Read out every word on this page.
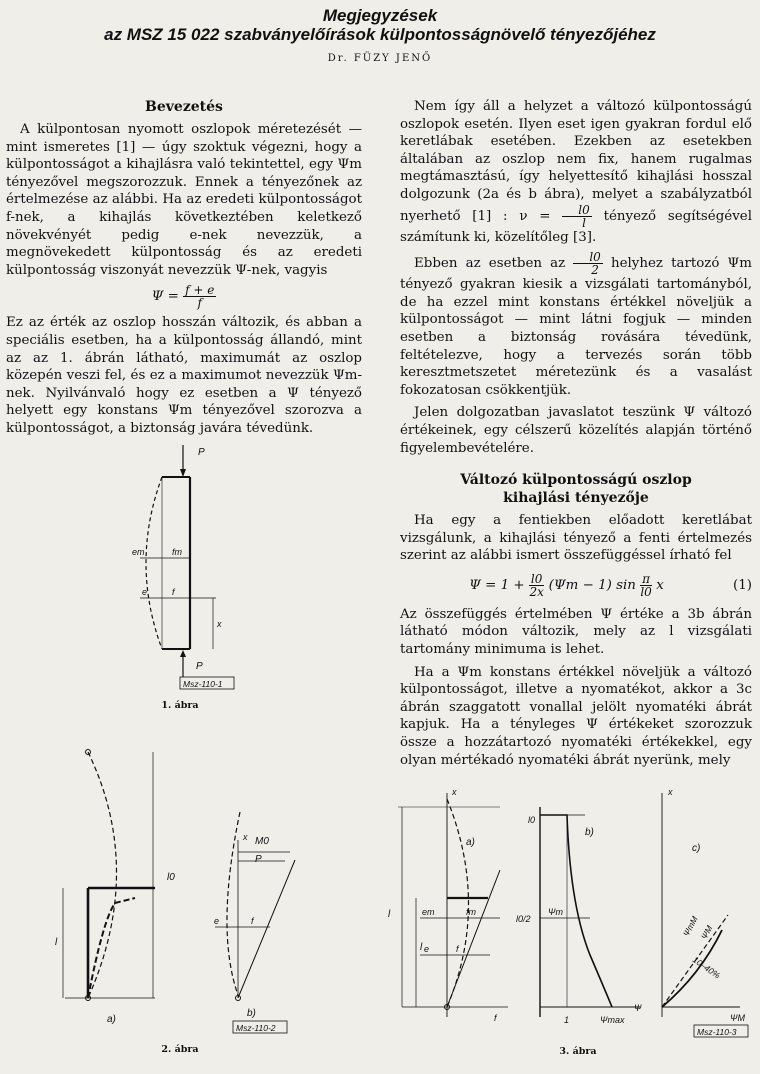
Megjegyzések
az MSZ 15 022 szabványelőírások külpontosságnövelő tényezőjéhez
Dr. FÜZY JENŐ

Bevezetés

A külpontosan nyomott oszlopok méretezését — mint ismeretes [1] — úgy szoktuk végezni, hogy a külpontosságot a kihajlásra való tekintettel, egy Ψm tényezővel megszorozzuk. Ennek a tényezőnek az értelmezése az alábbi. Ha az eredeti külpontosságot f-nek, a kihajlás következtében keletkező növekvényét pedig e-nek nevezzük, a megnövekedett külpontosság és az eredeti külpontosság viszonyát nevezzük Ψ-nek, vagyis

$\Psi = \frac{f + e}{f}$

Ez az érték az oszlop hosszán változik, és abban a speciális esetben, ha a külpontosság állandó, mint az az 1. ábrán látható, maximumát az oszlop közepén veszi fel, és ez a maximumot nevezzük Ψm-nek. Nyilvánvaló hogy ez esetben a Ψ tényező helyett egy konstans Ψm tényezővel szorozva a külpontosságot, a biztonság javára tévedünk.

Nem így áll a helyzet a változó külpontosságú oszlopok esetén. Ilyen eset igen gyakran fordul elő keretlábak esetében. Ezekben az esetekben általában az oszlop nem fix, hanem rugalmas megtámasztású, így helyettesítő kihajlási hosszal dolgozunk (2a és b ábra), melyet a szabályzatból nyerhető [1] : $\nu = \frac{l0}{l}$ tényező segítségével számítunk ki, közelítőleg [3].

Ebben az esetben az $\frac{l0}{2}$ helyhez tartozó Ψm tényező gyakran kiesik a vizsgálati tartományból, de ha ezzel mint konstans értékkel növeljük a külpontosságot — mint látni fogjuk — minden esetben a biztonság rovására tévedünk, feltételezve, hogy a tervezés során több keresztmetszetet méretezünk és a vasalást fokozatosan csökkentjük.

Jelen dolgozatban javaslatot teszünk Ψ változó értékeinek, egy célszerű közelítés alapján történő figyelembevételére.

Változó külpontosságú oszlop

kihajlási tényezője

Ha egy a fentiekben előadott keretlábat vizsgálunk, a kihajlási tényező a fenti értelmezés szerint az alábbi ismert összefüggéssel írható fel

$\Psi = 1 + \frac{l0}{2x} (\Psi m - 1)$ $\sin \frac{\pi}{l0}$ x	(1)

Az összefüggés értelmében Ψ értéke a 3b ábrán látható módon változik, mely az l vizsgálati tartomány minimuma is lehet.

Ha a Ψm konstans értékkel növeljük a változó külpontosságot, illetve a nyomatékot, akkor a 3c ábrán szaggatott vonallal jelölt nyomatéki ábrát kapjuk. Ha a tényleges Ψ értékeket szorozzuk össze a hozzátartozó nyomatéki értékekkel, egy olyan mértékadó nyomatéki ábrát nyerünk, mely

P
P
em	fm
e	f
x
Msz-110-1
1. ábra
l0
l
a)
x M0
P
e	f
b)
Msz-110-2
2. ábra
x
a)
l
l
em	fm
e	f
f
l0
l0/2
Ψm
b)
1	Ψmax
Ψ
x
c)
ΨmM ΨM
10–40%
ΨM
Msz-110-3
3. ábra
